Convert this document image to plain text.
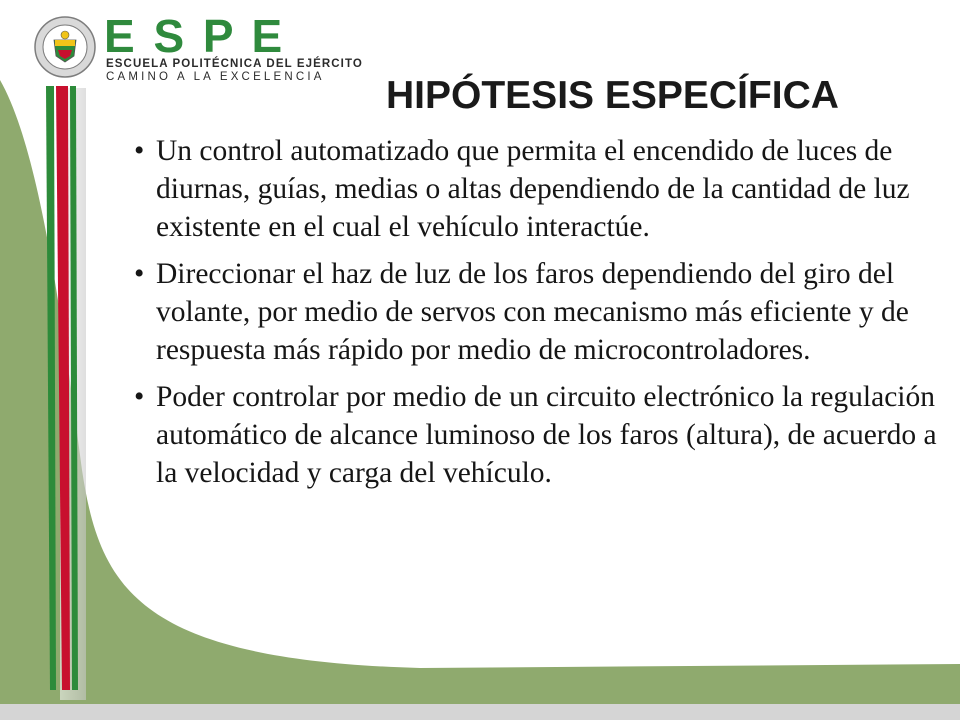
E S P E
ESCUELA POLITÉCNICA DEL EJÉRCITO
CAMINO A LA EXCELENCIA HIPÓTESIS ESPECÍFICA
• Un control automatizado que permita el encendido de luces de diurnas, guías, medias o altas dependiendo de la cantidad de luz existente en el cual el vehículo interactúe.
• Direccionar el haz de luz de los faros dependiendo del giro del volante, por medio de servos con mecanismo más eficiente y de respuesta más rápido por medio de microcontroladores.
• Poder controlar por medio de un circuito electrónico la regulación automático de alcance luminoso de los faros (altura), de acuerdo a la velocidad y carga del vehículo.
